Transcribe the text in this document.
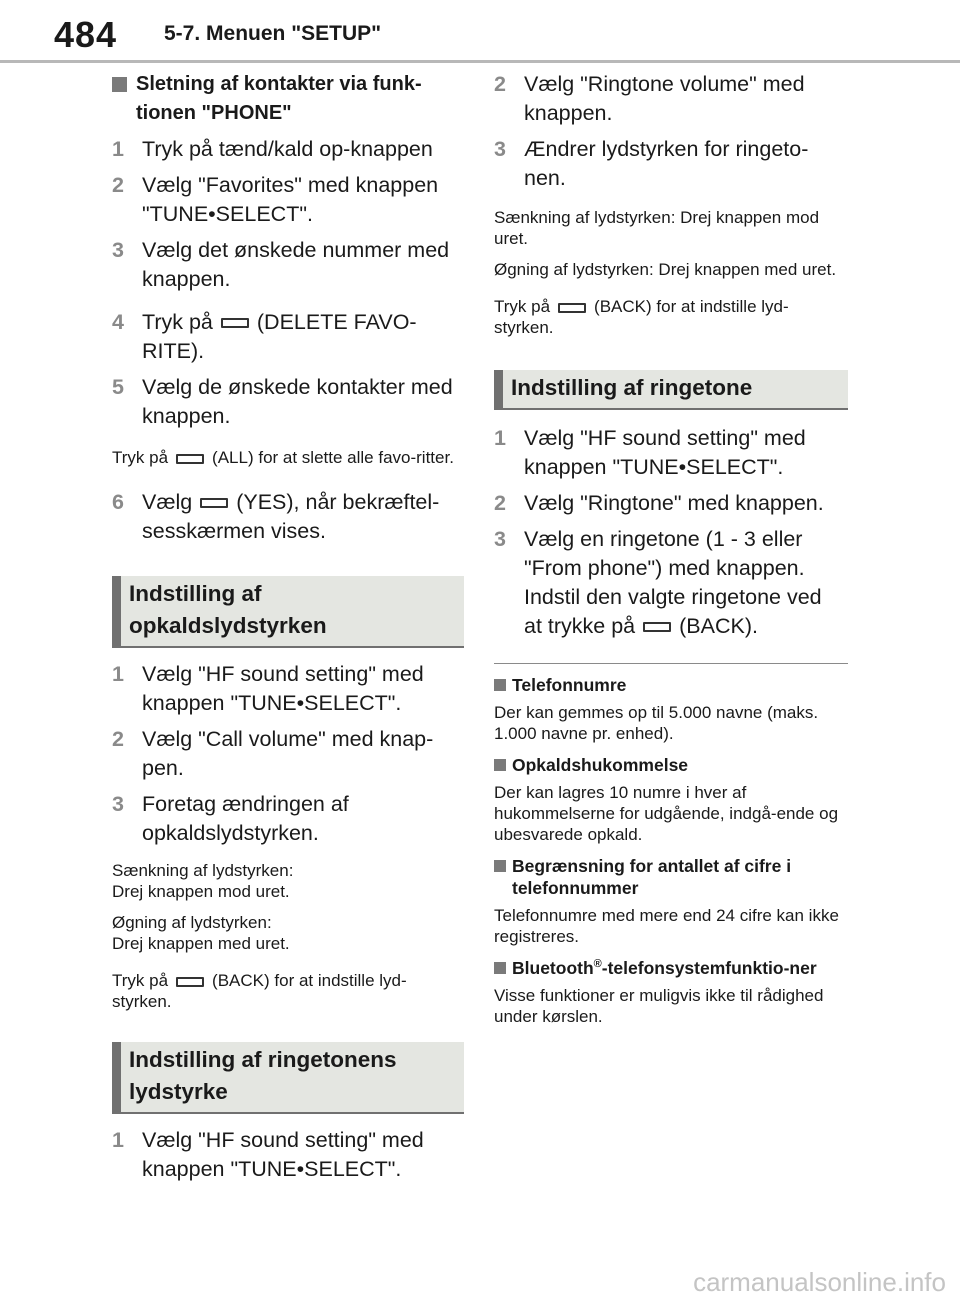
484 5-7. Menuen "SETUP"
Sletning af kontakter via funk-tionen "PHONE"
1 Tryk på tænd/kald op-knappen
2 Vælg "Favorites" med knappen "TUNE•SELECT".
3 Vælg det ønskede nummer med knappen.
4 Tryk på (DELETE FAVO-RITE).
5 Vælg de ønskede kontakter med knappen.
Tryk på	(ALL) for at slette alle favo-ritter.
6 Vælg (YES), når bekræftel-sesskærmen vises.
Indstilling af
opkaldslydstyrken
1 Vælg "HF sound setting" med knappen "TUNE•SELECT".
2 Vælg "Call volume" med knap-pen.
3 Foretag ændringen af opkaldslydstyrken.
Sænkning af lydstyrken:
Drej knappen mod uret.
Øgning af lydstyrken:
Drej knappen med uret.
Tryk på	(BACK) for at indstille lyd-styrken.
Indstilling af ringetonens
lydstyrke
1 Vælg "HF sound setting" med knappen "TUNE•SELECT".
2 Vælg "Ringtone volume" med knappen.
3 Ændrer lydstyrken for ringeto-nen.
Sænkning af lydstyrken: Drej knappen mod uret.
Øgning af lydstyrken: Drej knappen med uret.
Tryk på	(BACK) for at indstille lyd-styrken.
Indstilling af ringetone
1 Vælg "HF sound setting" med knappen "TUNE•SELECT".
2 Vælg "Ringtone" med knappen.
3 Vælg en ringetone (1 - 3 eller "From phone") med knappen. Indstil den valgte ringetone ved
at trykke på (BACK).
Telefonnumre
Der kan gemmes op til 5.000 navne (maks. 1.000 navne pr. enhed).
Opkaldshukommelse
Der kan lagres 10 numre i hver af hukommelserne for udgående, indgå-ende og ubesvarede opkald.
Begrænsning for antallet af cifre i telefonnummer
Telefonnumre med mere end 24 cifre kan ikke registreres.
Bluetooth®-telefonsystemfunktio-ner
Visse funktioner er muligvis ikke til rådighed under kørslen.
carmanualsonline.info
